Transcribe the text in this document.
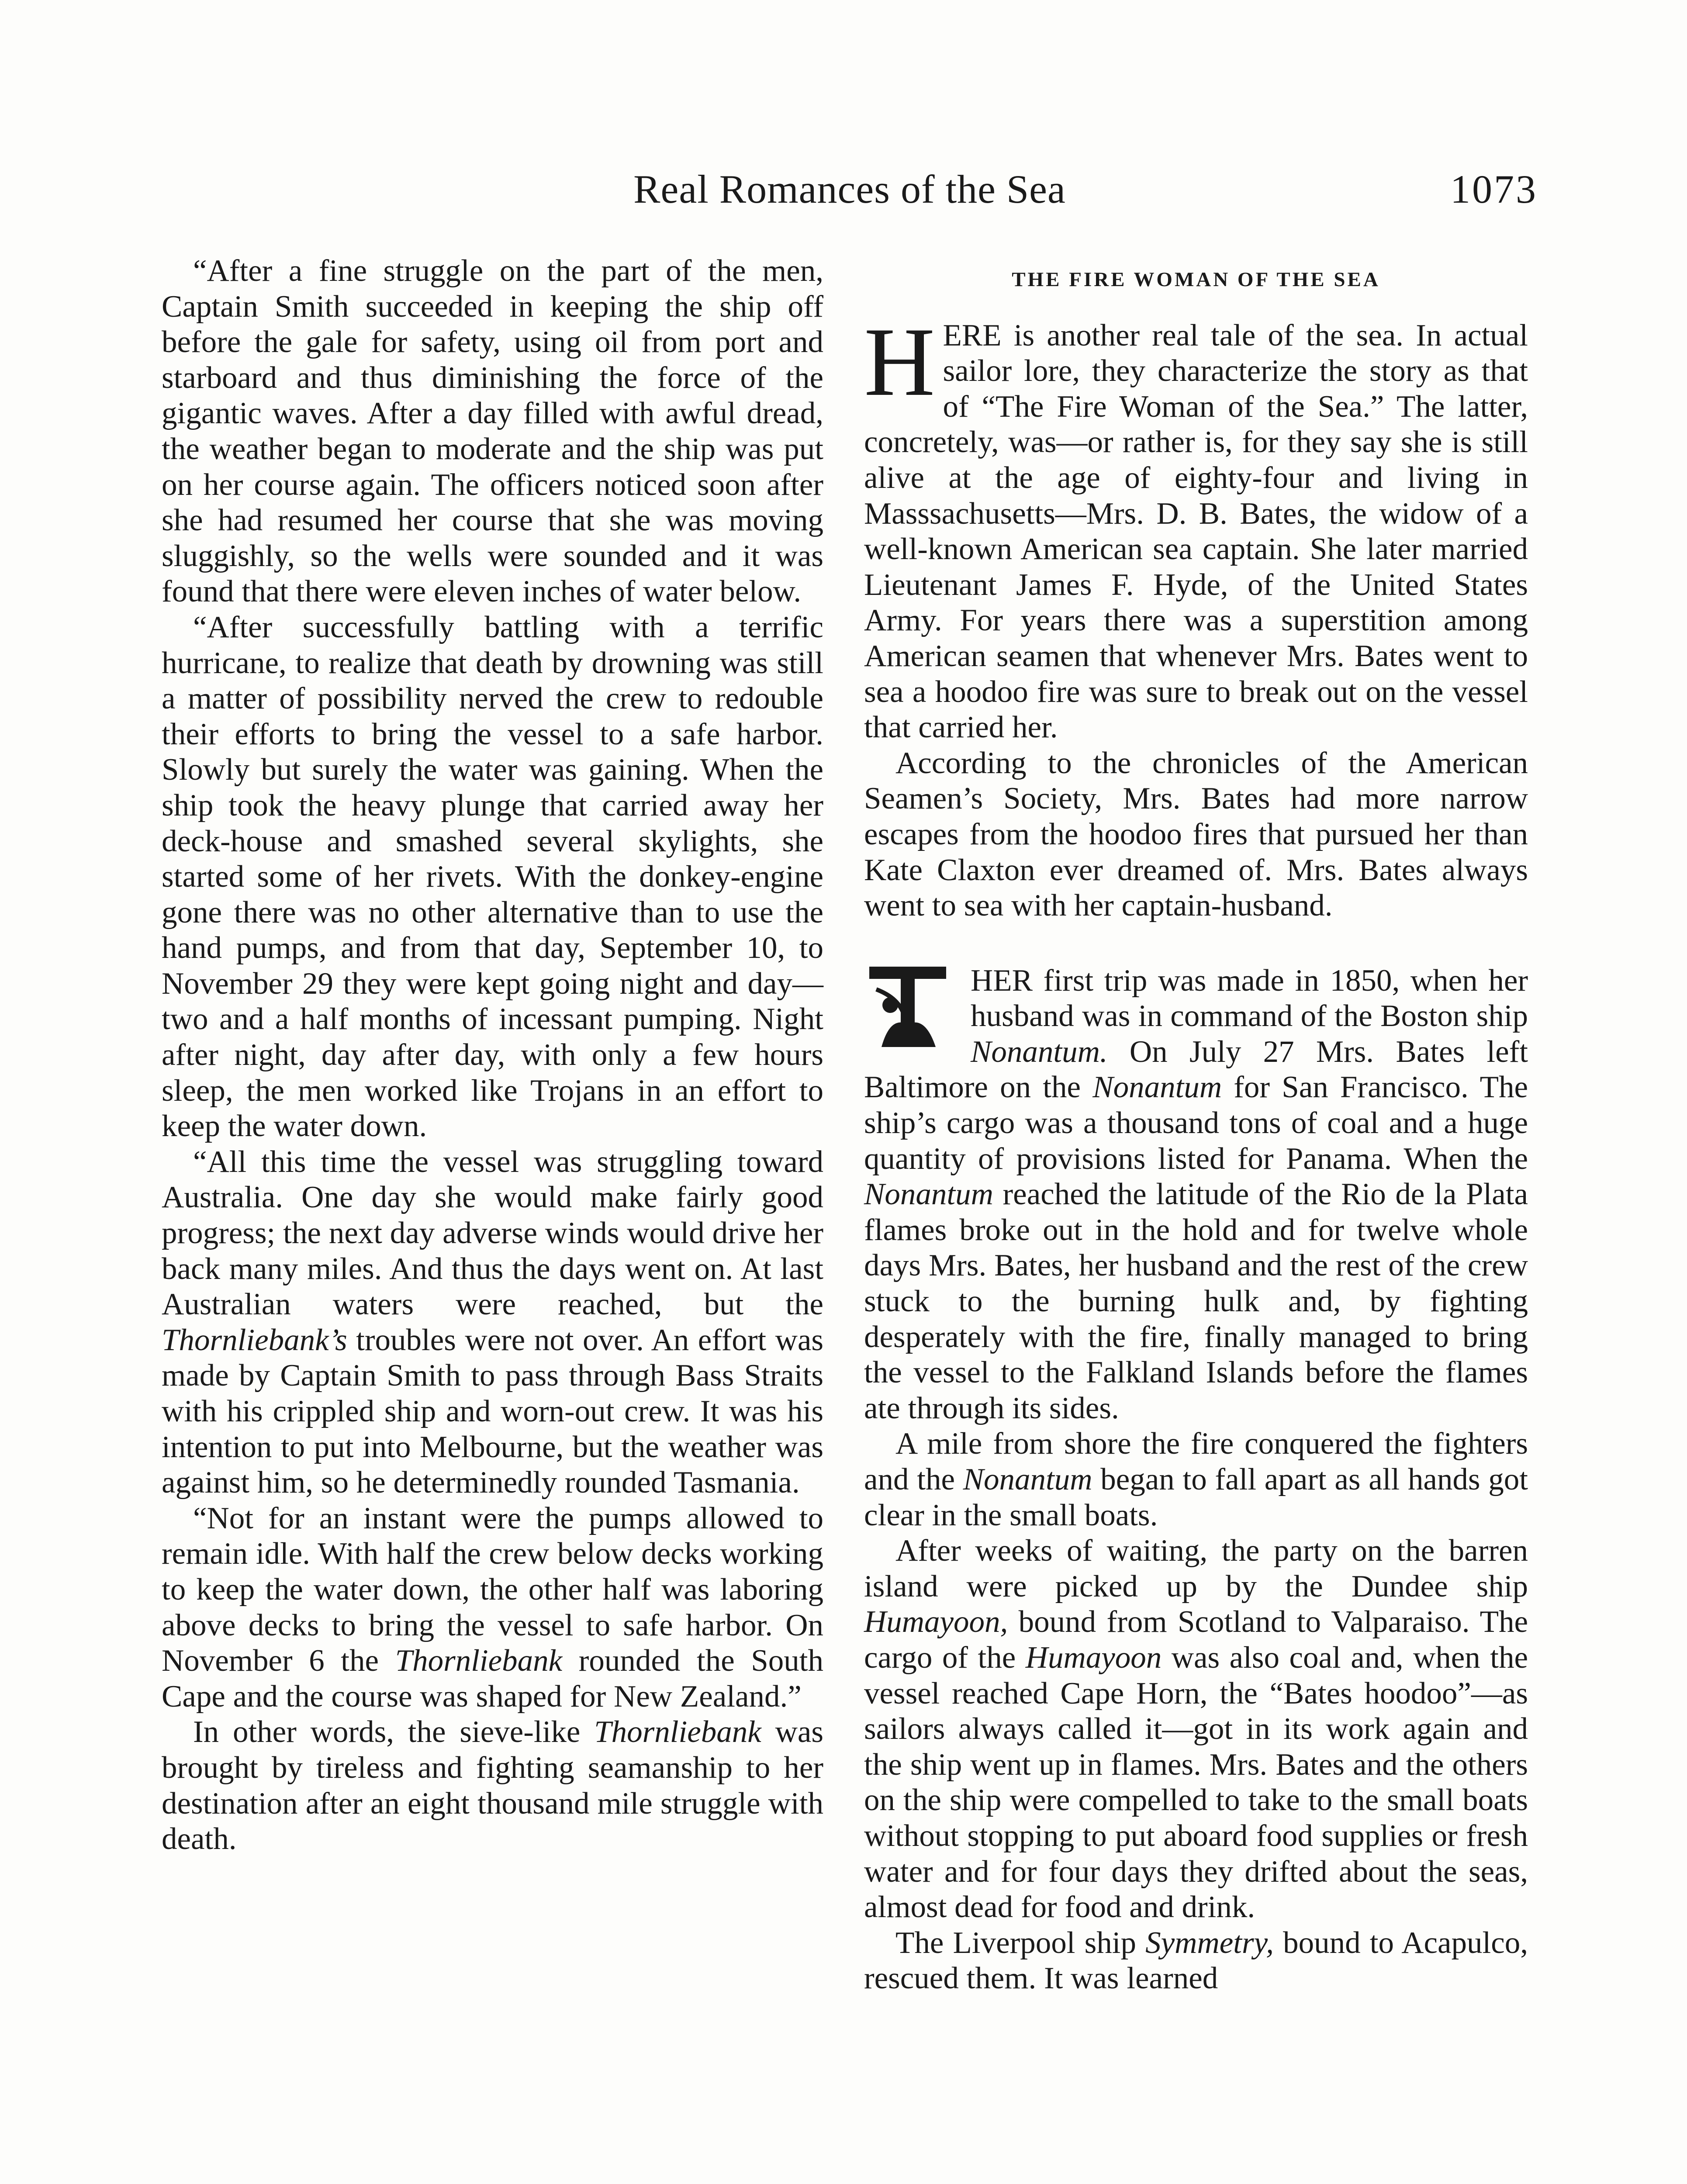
Real Romances of the Sea	1073

“After a fine struggle on the part of the men, Captain Smith succeeded in keeping the ship off before the gale for safety, using oil from port and starboard and thus diminishing the force of the gigantic waves. After a day filled with awful dread, the weather began to moderate and the ship was put on her course again. The officers noticed soon after she had resumed her course that she was moving sluggishly, so the wells were sounded and it was found that there were eleven inches of water below.

“After successfully battling with a terrific hurricane, to realize that death by drowning was still a matter of possibility nerved the crew to redouble their efforts to bring the vessel to a safe harbor. Slowly but surely the water was gaining. When the ship took the heavy plunge that carried away her deck-house and smashed several skylights, she started some of her rivets. With the donkey-engine gone there was no other alternative than to use the hand pumps, and from that day, September 10, to November 29 they were kept going night and day—two and a half months of incessant pumping. Night after night, day after day, with only a few hours sleep, the men worked like Trojans in an effort to keep the water down.

“All this time the vessel was struggling toward Australia. One day she would make fairly good progress; the next day adverse winds would drive her back many miles. And thus the days went on. At last Australian waters were reached, but the Thornliebank’s troubles were not over. An effort was made by Captain Smith to pass through Bass Straits with his crippled ship and worn-out crew. It was his intention to put into Melbourne, but the weather was against him, so he determinedly rounded Tasmania.

“Not for an instant were the pumps allowed to remain idle. With half the crew below decks working to keep the water down, the other half was laboring above decks to bring the vessel to safe harbor. On November 6 the Thornliebank rounded the South Cape and the course was shaped for New Zealand.”

In other words, the sieve-like Thornliebank was brought by tireless and fighting seamanship to her destination after an eight thousand mile struggle with death.

THE FIRE WOMAN OF THE SEA

HERE is another real tale of the sea. In actual sailor lore, they characterize the story as that of “The Fire Woman of the Sea.” The latter, concretely, was—or rather is, for they say she is still alive at the age of eighty-four and living in Masssachusetts—Mrs. D. B. Bates, the widow of a well-known American sea captain. She later married Lieutenant James F. Hyde, of the United States Army. For years there was a superstition among American seamen that whenever Mrs. Bates went to sea a hoodoo fire was sure to break out on the vessel that carried her.

According to the chronicles of the American Seamen’s Society, Mrs. Bates had more narrow escapes from the hoodoo fires that pursued her than Kate Claxton ever dreamed of. Mrs. Bates always went to sea with her captain-husband.

HER first trip was made in 1850, when her husband was in command of the Boston ship Nonantum. On July 27 Mrs. Bates left Baltimore on the Nonantum for San Francisco. The ship’s cargo was a thousand tons of coal and a huge quantity of provisions listed for Panama. When the Nonantum reached the latitude of the Rio de la Plata flames broke out in the hold and for twelve whole days Mrs. Bates, her husband and the rest of the crew stuck to the burning hulk and, by fighting desperately with the fire, finally managed to bring the vessel to the Falkland Islands before the flames ate through its sides.

A mile from shore the fire conquered the fighters and the Nonantum began to fall apart as all hands got clear in the small boats.

After weeks of waiting, the party on the barren island were picked up by the Dundee ship Humayoon, bound from Scotland to Valparaiso. The cargo of the Humayoon was also coal and, when the vessel reached Cape Horn, the “Bates hoodoo”—as sailors always called it—got in its work again and the ship went up in flames. Mrs. Bates and the others on the ship were compelled to take to the small boats without stopping to put aboard food supplies or fresh water and for four days they drifted about the seas, almost dead for food and drink.

The Liverpool ship Symmetry, bound to Acapulco, rescued them. It was learned
